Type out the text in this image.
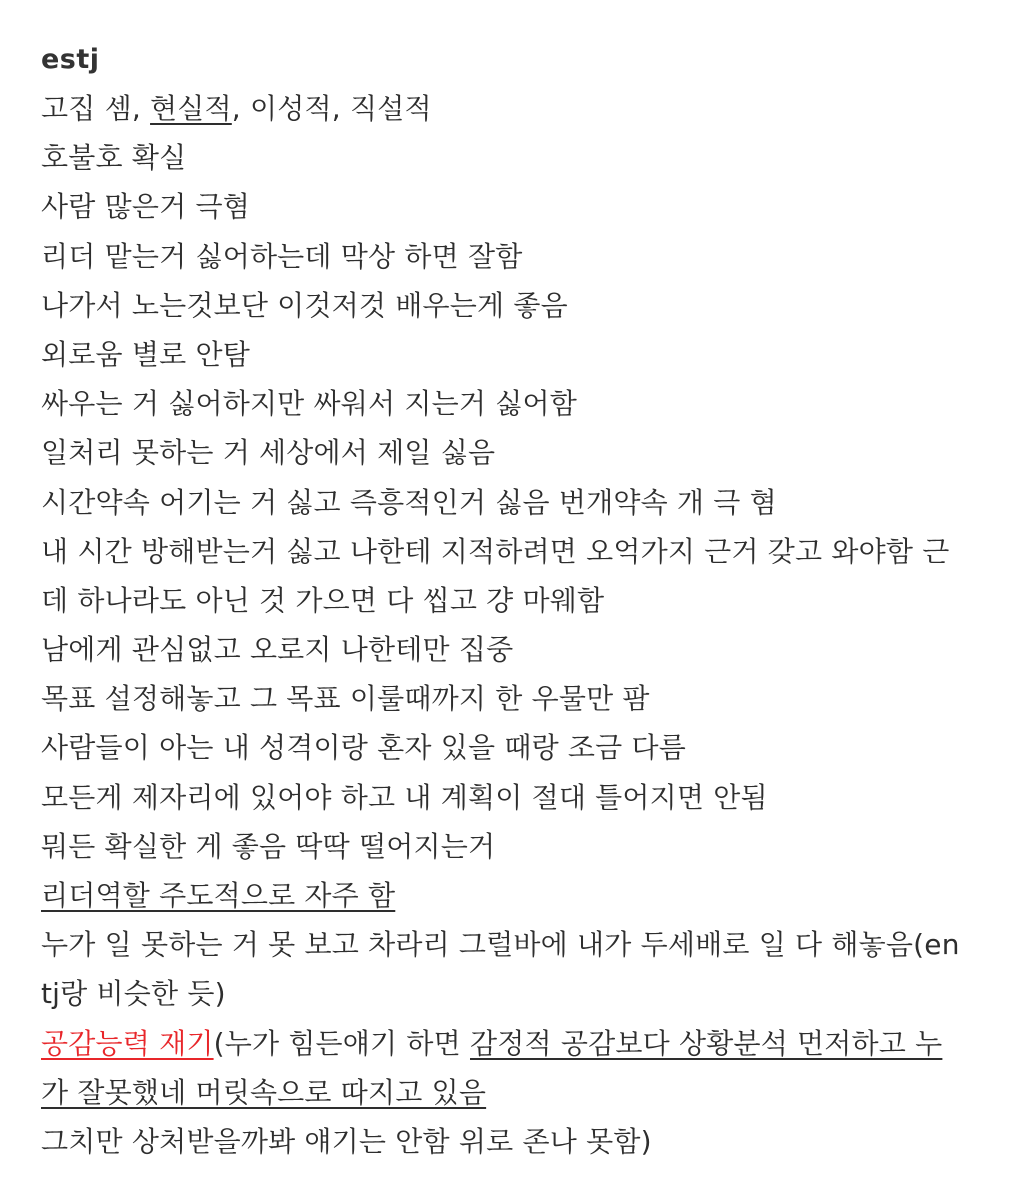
estj
고집 셈, 현실적, 이성적, 직설적
호불호 확실
사람 많은거 극혐
리더 맡는거 싫어하는데 막상 하면 잘함
나가서 노는것보단 이것저것 배우는게 좋음
외로움 별로 안탐
싸우는 거 싫어하지만 싸워서 지는거 싫어함
일처리 못하는 거 세상에서 제일 싫음
시간약속 어기는 거 싫고 즉흥적인거 싫음 번개약속 개 극 혐
내 시간 방해받는거 싫고 나한테 지적하려면 오억가지 근거 갖고 와야함 근
데 하나라도 아닌 것 가으면 다 씹고 걍 마웨함
남에게 관심없고 오로지 나한테만 집중
목표 설정해놓고 그 목표 이룰때까지 한 우물만 팜
사람들이 아는 내 성격이랑 혼자 있을 때랑 조금 다름
모든게 제자리에 있어야 하고 내 계획이 절대 틀어지면 안됨
뭐든 확실한 게 좋음 딱딱 떨어지는거
리더역할 주도적으로 자주 함
누가 일 못하는 거 못 보고 차라리 그럴바에 내가 두세배로 일 다 해놓음(en
tj랑 비슷한 듯)
공감능력 재기(누가 힘든얘기 하면 감정적 공감보다 상황분석 먼저하고 누
가 잘못했네 머릿속으로 따지고 있음
그치만 상처받을까봐 얘기는 안함 위로 존나 못함)
